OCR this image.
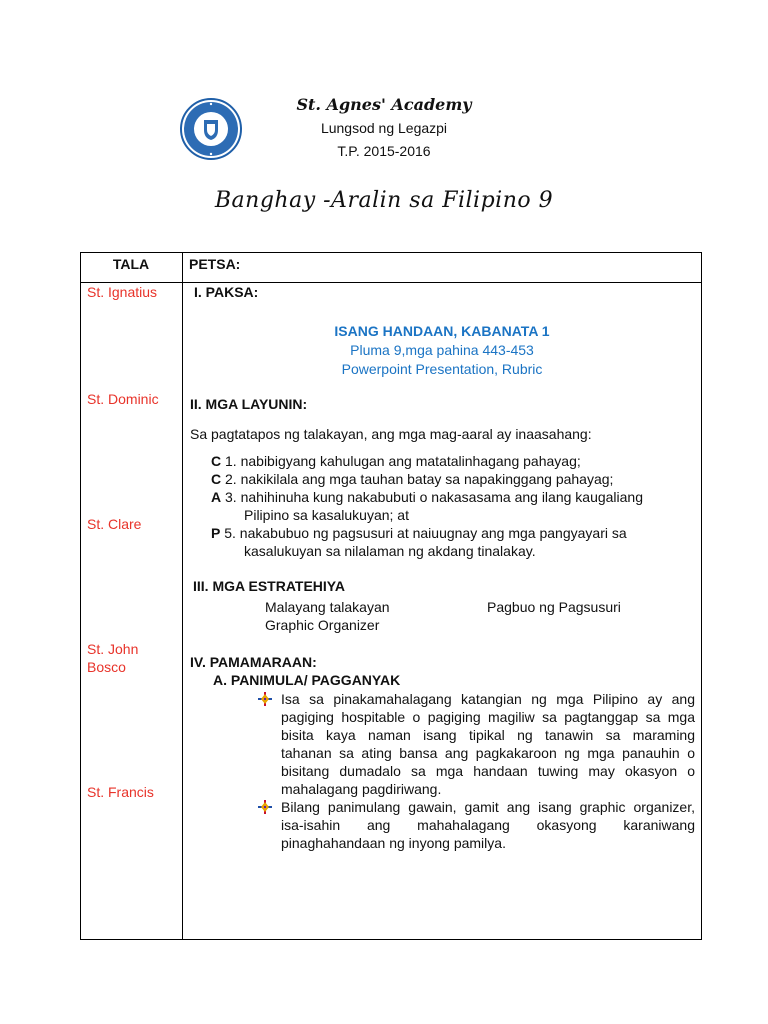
St. Agnes' Academy
Lungsod ng Legazpi
T.P. 2015-2016
Banghay -Aralin sa Filipino 9
TALA	PETSA:
St. Ignatius
St. Dominic
St. Clare
St. John
Bosco
St. Francis
I. PAKSA:
ISANG HANDAAN, KABANATA 1
Pluma 9,mga pahina 443-453
Powerpoint Presentation, Rubric
II. MGA LAYUNIN:
Sa pagtatapos ng talakayan, ang mga mag-aaral ay inaasahang:
C 1. nabibigyang kahulugan ang matatalinhagang pahayag;
C 2. nakikilala ang mga tauhan batay sa napakinggang pahayag;
A 3. nahihinuha kung nakabubuti o nakasasama ang ilang kaugaliang
Pilipino sa kasalukuyan; at
P 5. nakabubuo ng pagsusuri at naiuugnay ang mga pangyayari sa
kasalukuyan sa nilalaman ng akdang tinalakay.
III. MGA ESTRATEHIYA
Malayang talakayan	Pagbuo ng Pagsusuri
Graphic Organizer
IV. PAMAMARAAN:
A. PANIMULA/ PAGGANYAK
Isa sa pinakamahalagang katangian ng mga Pilipino ay ang
pagiging hospitable o pagiging magiliw sa pagtanggap sa mga
bisita kaya naman isang tipikal ng tanawin sa maraming
tahanan sa ating bansa ang pagkakaroon ng mga panauhin o
bisitang dumadalo sa mga handaan tuwing may okasyon o
mahalagang pagdiriwang.
Bilang panimulang gawain, gamit ang isang graphic organizer,
isa-isahin ang mahahalagang okasyong karaniwang
pinaghahandaan ng inyong pamilya.
